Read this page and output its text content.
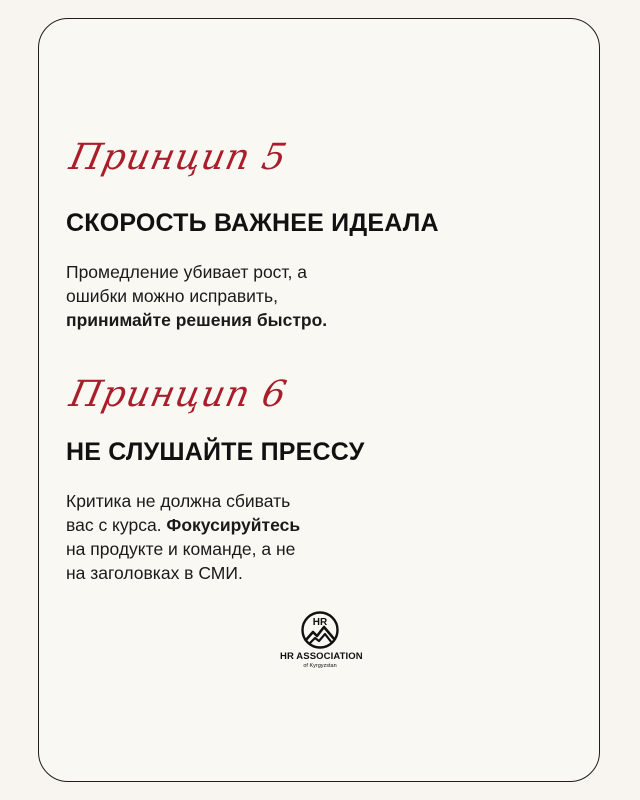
Принцип 5
СКОРОСТЬ ВАЖНЕЕ ИДЕАЛА
Промедление убивает рост, а
ошибки можно исправить,
принимайте решения быстро.
Принцип 6
НЕ СЛУШАЙТЕ ПРЕССУ
Критика не должна сбивать
вас с курса. Фокусируйтесь
на продукте и команде, а не
на заголовках в СМИ.
HR
HR ASSOCIATION
of Kyrgyzstan
